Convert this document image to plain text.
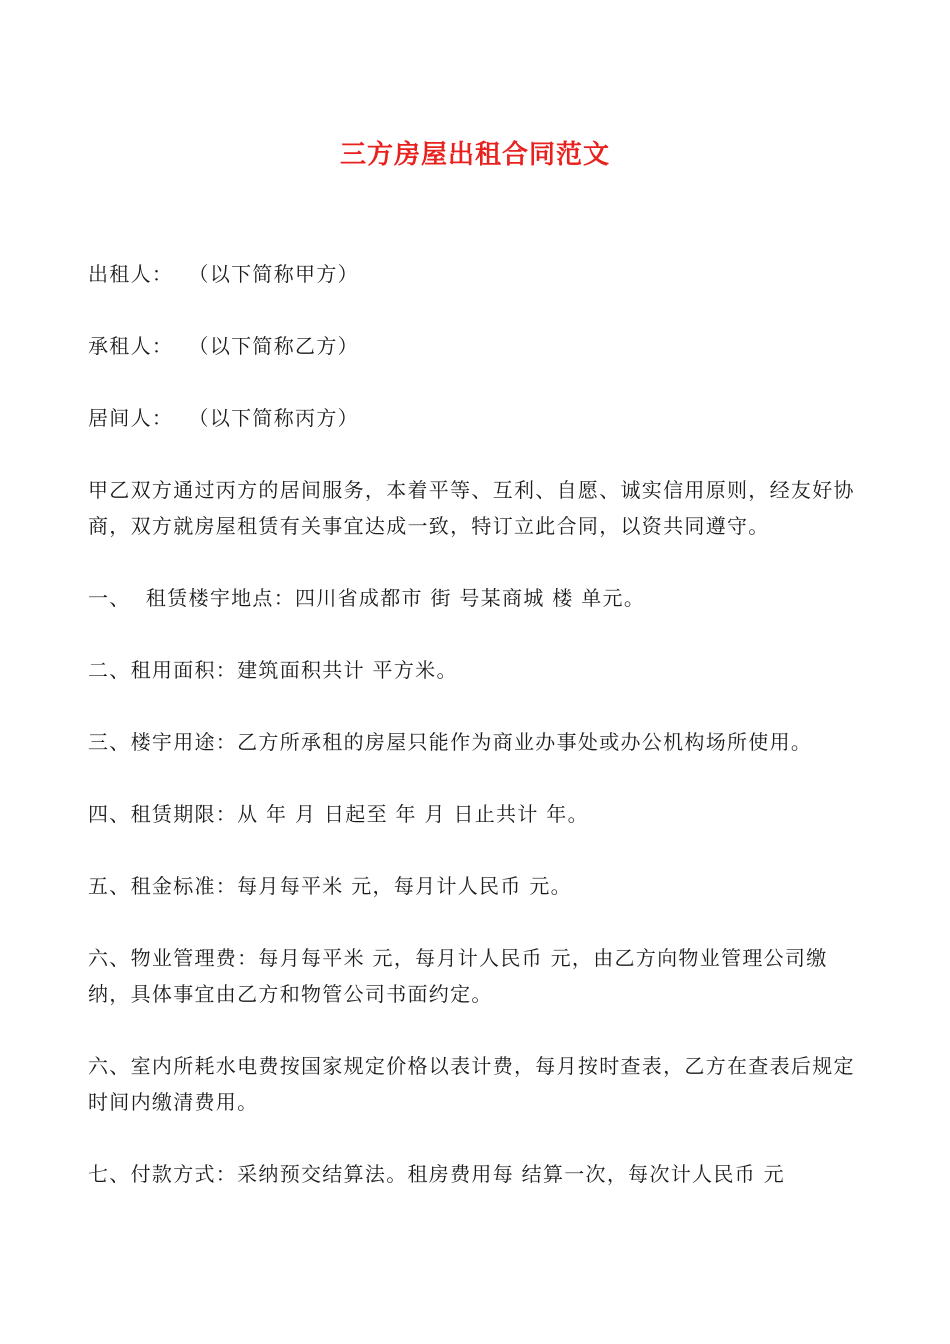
三方房屋出租合同范文

出租人：  （以下简称甲方）

承租人：  （以下简称乙方）

居间人：  （以下简称丙方）

甲乙双方通过丙方的居间服务，本着平等、互利、自愿、诚实信用原则，经友好协商，双方就房屋租赁有关事宜达成一致，特订立此合同，以资共同遵守。

一、  租赁楼宇地点：四川省成都市 街 号某商城 楼 单元。

二、租用面积：建筑面积共计 平方米。

三、楼宇用途：乙方所承租的房屋只能作为商业办事处或办公机构场所使用。

四、租赁期限：从 年 月 日起至 年 月 日止共计 年。

五、租金标准：每月每平米 元，每月计人民币 元。

六、物业管理费：每月每平米 元，每月计人民币 元，由乙方向物业管理公司缴纳，具体事宜由乙方和物管公司书面约定。

六、室内所耗水电费按国家规定价格以表计费，每月按时查表，乙方在查表后规定时间内缴清费用。

七、付款方式：采纳预交结算法。租房费用每 结算一次，每次计人民币 元
